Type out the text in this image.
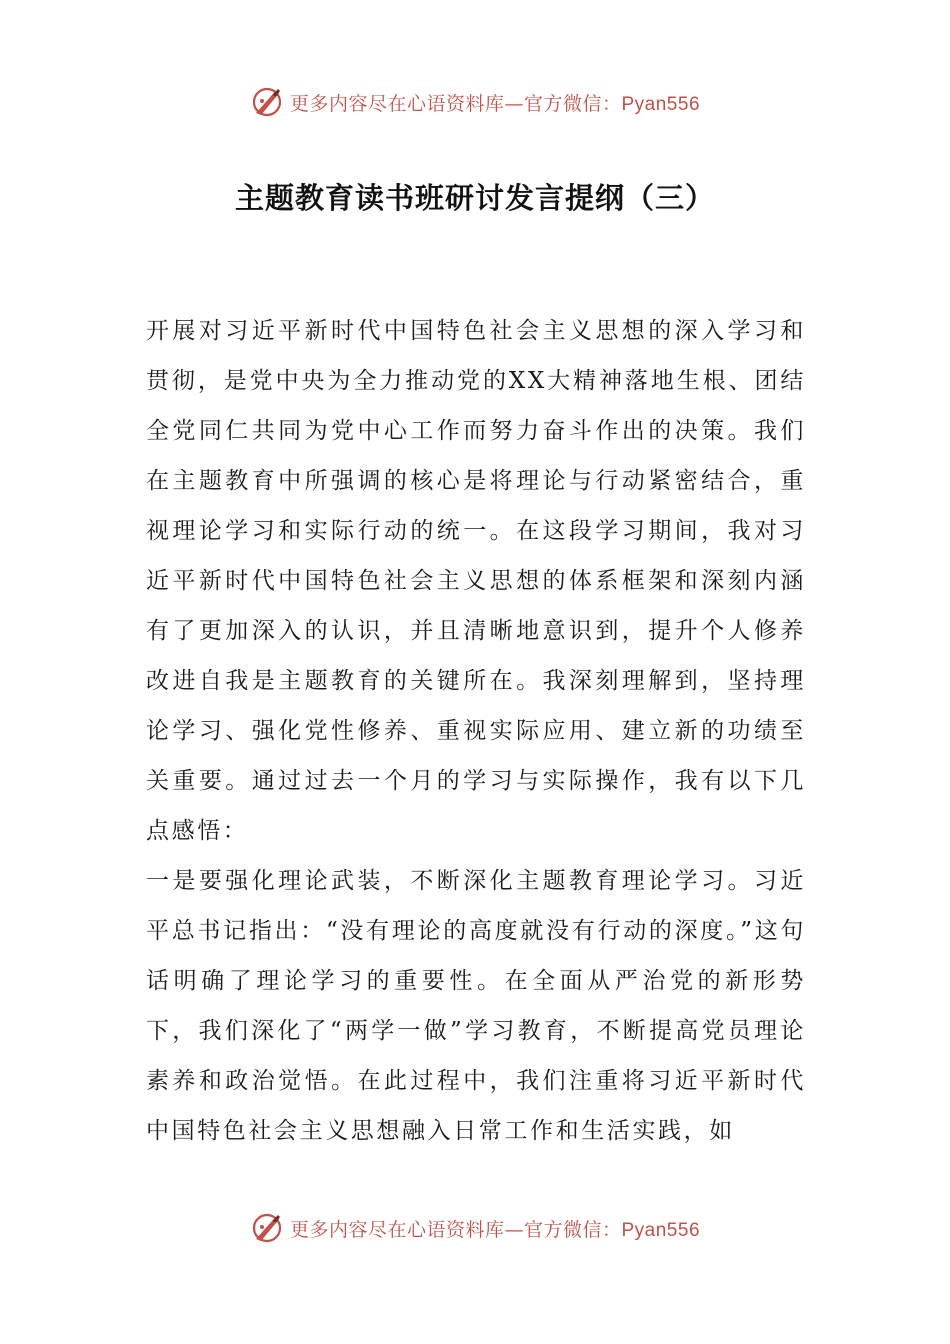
更多内容尽在心语资料库—官方微信：Pyan556
主题教育读书班研讨发言提纲（三）

开展对习近平新时代中国特色社会主义思想的深入学习和贯彻，是党中央为全力推动党的XX大精神落地生根、团结全党同仁共同为党中心工作而努力奋斗作出的决策。我们在主题教育中所强调的核心是将理论与行动紧密结合，重视理论学习和实际行动的统一。在这段学习期间，我对习近平新时代中国特色社会主义思想的体系框架和深刻内涵有了更加深入的认识，并且清晰地意识到，提升个人修养改进自我是主题教育的关键所在。我深刻理解到，坚持理论学习、强化党性修养、重视实际应用、建立新的功绩至关重要。通过过去一个月的学习与实际操作，我有以下几点感悟：

一是要强化理论武装，不断深化主题教育理论学习。习近平总书记指出：“没有理论的高度就没有行动的深度。”这句话明确了理论学习的重要性。在全面从严治党的新形势下，我们深化了“两学一做”学习教育，不断提高党员理论素养和政治觉悟。在此过程中，我们注重将习近平新时代中国特色社会主义思想融入日常工作和生活实践，如

更多内容尽在心语资料库—官方微信：Pyan556
